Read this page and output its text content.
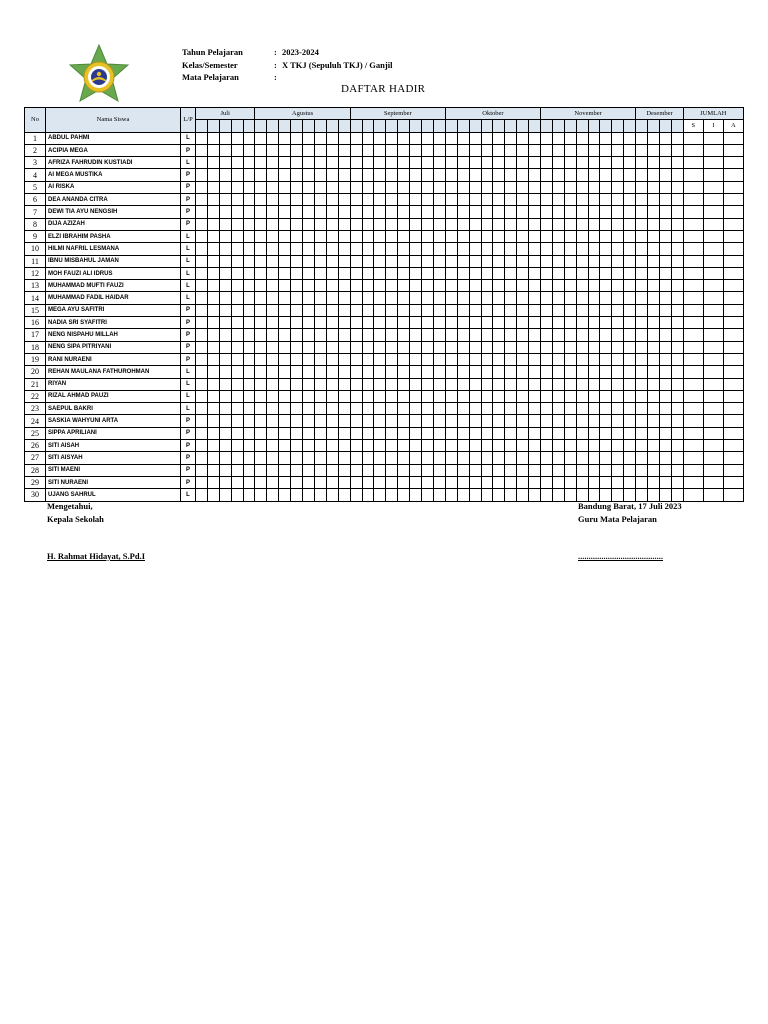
Tahun Pelajaran	: 2023-2024
Kelas/Semester	: X TKJ (Sepuluh TKJ) / Ganjil
Mata Pelajaran	:
DAFTAR HADIR
No	Nama Siswa	L/P	Juli					Agustus								September								Oktober								November								Desember				JUMLAH		
																																												S	I	A
1	ABDUL PAHMI	L																																												
2	ACIPIA MEGA	P																																												
3	AFRIZA FAHRUDIN KUSTIADI	L																																												
4	AI MEGA MUSTIKA	P																																												
5	AI RISKA	P																																												
6	DEA ANANDA CITRA	P																																												
7	DEWI TIA AYU NENGSIH	P																																												
8	DIJA AZIZAH	P																																												
9	ELZI IBRAHIM PASHA	L																																												
10	HILMI NAFRIL LESMANA	L																																												
11	IBNU MISBAHUL JAMAN	L																																												
12	MOH FAUZI ALI IDRUS	L																																												
13	MUHAMMAD MUFTI FAUZI	L																																												
14	MUHAMMAD FADIL HAIDAR	L																																												
15	MEGA AYU SAFITRI	P																																												
16	NADIA SRI SYAFITRI	P																																												
17	NENG NISPAHU MILLAH	P																																												
18	NENG SIPA PITRIYANI	P																																												
19	RANI NURAENI	P																																												
20	REHAN MAULANA FATHUROHMAN	L																																												
21	RIYAN	L																																												
22	RIZAL AHMAD PAUZI	L																																												
23	SAEPUL BAKRI	L																																												
24	SASKIA WAHYUNI ARTA	P																																												
25	SIPPA APRILIANI	P																																												
26	SITI AISAH	P																																												
27	SITI AISYAH	P																																												
28	SITI MAENI	P																																												
29	SITI NURAENI	P																																												
30	UJANG SAHRUL	L																																												
Mengetahui,
Kepala Sekolah
Bandung Barat, 17 Juli 2023
Guru Mata Pelajaran
H. Rahmat Hidayat, S.Pd.I	........................................
